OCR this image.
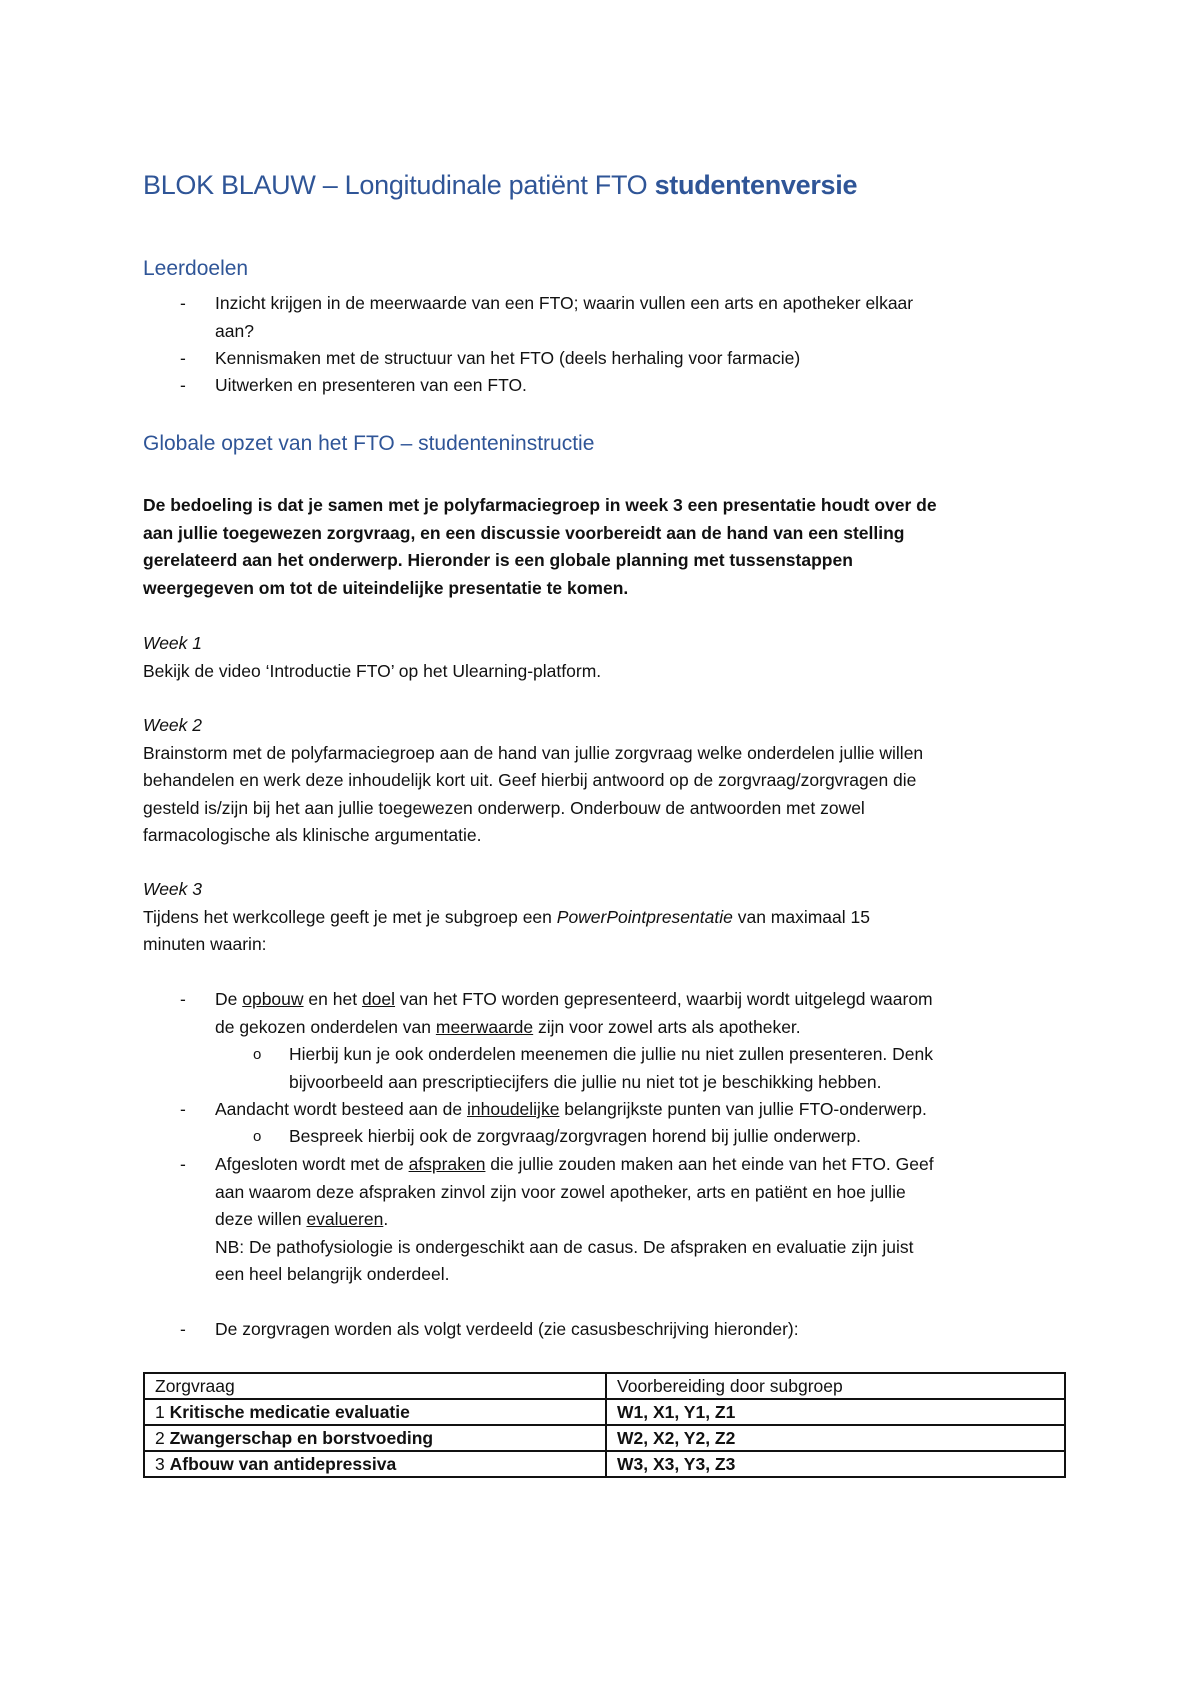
BLOK BLAUW – Longitudinale patiënt FTO studentenversie
Leerdoelen
- Inzicht krijgen in de meerwaarde van een FTO; waarin vullen een arts en apotheker elkaar
aan?
- Kennismaken met de structuur van het FTO (deels herhaling voor farmacie)
- Uitwerken en presenteren van een FTO.
Globale opzet van het FTO – studenteninstructie
De bedoeling is dat je samen met je polyfarmaciegroep in week 3 een presentatie houdt over de
aan jullie toegewezen zorgvraag, en een discussie voorbereidt aan de hand van een stelling
gerelateerd aan het onderwerp. Hieronder is een globale planning met tussenstappen
weergegeven om tot de uiteindelijke presentatie te komen.
Week 1
Bekijk de video ‘Introductie FTO’ op het Ulearning-platform.
Week 2
Brainstorm met de polyfarmaciegroep aan de hand van jullie zorgvraag welke onderdelen jullie willen
behandelen en werk deze inhoudelijk kort uit. Geef hierbij antwoord op de zorgvraag/zorgvragen die
gesteld is/zijn bij het aan jullie toegewezen onderwerp. Onderbouw de antwoorden met zowel
farmacologische als klinische argumentatie.
Week 3
Tijdens het werkcollege geeft je met je subgroep een PowerPointpresentatie van maximaal 15
minuten waarin:
- De opbouw en het doel van het FTO worden gepresenteerd, waarbij wordt uitgelegd waarom
de gekozen onderdelen van meerwaarde zijn voor zowel arts als apotheker.
- Aandacht wordt besteed aan de inhoudelijke belangrijkste punten van jullie FTO-onderwerp.
- Afgesloten wordt met de afspraken die jullie zouden maken aan het einde van het FTO. Geef
aan waarom deze afspraken zinvol zijn voor zowel apotheker, arts en patiënt en hoe jullie
deze willen evalueren.
NB: De pathofysiologie is ondergeschikt aan de casus. De afspraken en evaluatie zijn juist
een heel belangrijk onderdeel.
- De zorgvragen worden als volgt verdeeld (zie casusbeschrijving hieronder):
o Hierbij kun je ook onderdelen meenemen die jullie nu niet zullen presenteren. Denk
bijvoorbeeld aan prescriptiecijfers die jullie nu niet tot je beschikking hebben.
o Bespreek hierbij ook de zorgvraag/zorgvragen horend bij jullie onderwerp.
Zorgvraag	Voorbereiding door subgroep
1 Kritische medicatie evaluatie	W1, X1, Y1, Z1
2 Zwangerschap en borstvoeding	W2, X2, Y2, Z2
3 Afbouw van antidepressiva	W3, X3, Y3, Z3
